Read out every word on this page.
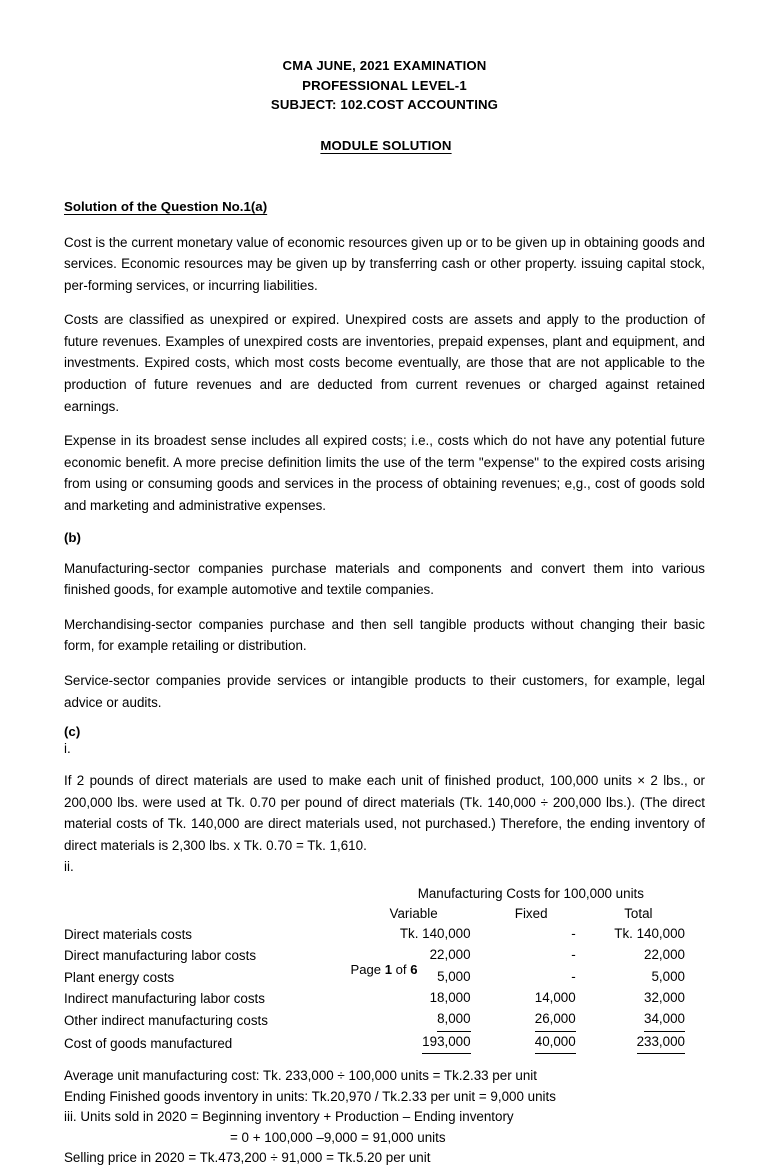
CMA JUNE, 2021 EXAMINATION
PROFESSIONAL LEVEL-1
SUBJECT: 102.COST ACCOUNTING
MODULE SOLUTION
Solution of the Question No.1(a)

Cost is the current monetary value of economic resources given up or to be given up in obtaining goods and services. Economic resources may be given up by transferring cash or other property. issuing capital stock, per-forming services, or incurring liabilities.

Costs are classified as unexpired or expired. Unexpired costs are assets and apply to the production of future revenues. Examples of unexpired costs are inventories, prepaid expenses, plant and equipment, and investments. Expired costs, which most costs become eventually, are those that are not applicable to the production of future revenues and are deducted from current revenues or charged against retained earnings.

Expense in its broadest sense includes all expired costs; i.e., costs which do not have any potential future economic benefit. A more precise definition limits the use of the term "expense" to the expired costs arising from using or consuming goods and services in the process of obtaining revenues; e,g., cost of goods sold and marketing and administrative expenses.

(b)

Manufacturing-sector companies purchase materials and components and convert them into various finished goods, for example automotive and textile companies.

Merchandising-sector companies purchase and then sell tangible products without changing their basic form, for example retailing or distribution.

Service-sector companies provide services or intangible products to their customers, for example, legal advice or audits.

(c)
i.

If 2 pounds of direct materials are used to make each unit of finished product, 100,000 units × 2 lbs., or 200,000 lbs. were used at Tk. 0.70 per pound of direct materials (Tk. 140,000 ÷ 200,000 lbs.). (The direct material costs of Tk. 140,000 are direct materials used, not purchased.) Therefore, the ending inventory of direct materials is 2,300 lbs. x Tk. 0.70 = Tk. 1,610.

ii.
	Manufacturing Costs for 100,000 units		
	Variable	Fixed	Total
Direct materials costs	Tk. 140,000	-	Tk. 140,000
Direct manufacturing labor costs	22,000	-	22,000
Plant energy costs	5,000	-	5,000
Indirect manufacturing labor costs	18,000	14,000	32,000
Other indirect manufacturing costs	8,000	26,000	34,000
Cost of goods manufactured	193,000	40,000	233,000
Average unit manufacturing cost: Tk. 233,000 ÷ 100,000 units = Tk.2.33 per unit
Ending Finished goods inventory in units: Tk.20,970 / Tk.2.33 per unit = 9,000 units
iii. Units sold in 2020 = Beginning inventory + Production – Ending inventory
= 0 + 100,000 –9,000 = 91,000 units
Selling price in 2020 = Tk.473,200 ÷ 91,000 = Tk.5.20 per unit
Page 1 of 6
